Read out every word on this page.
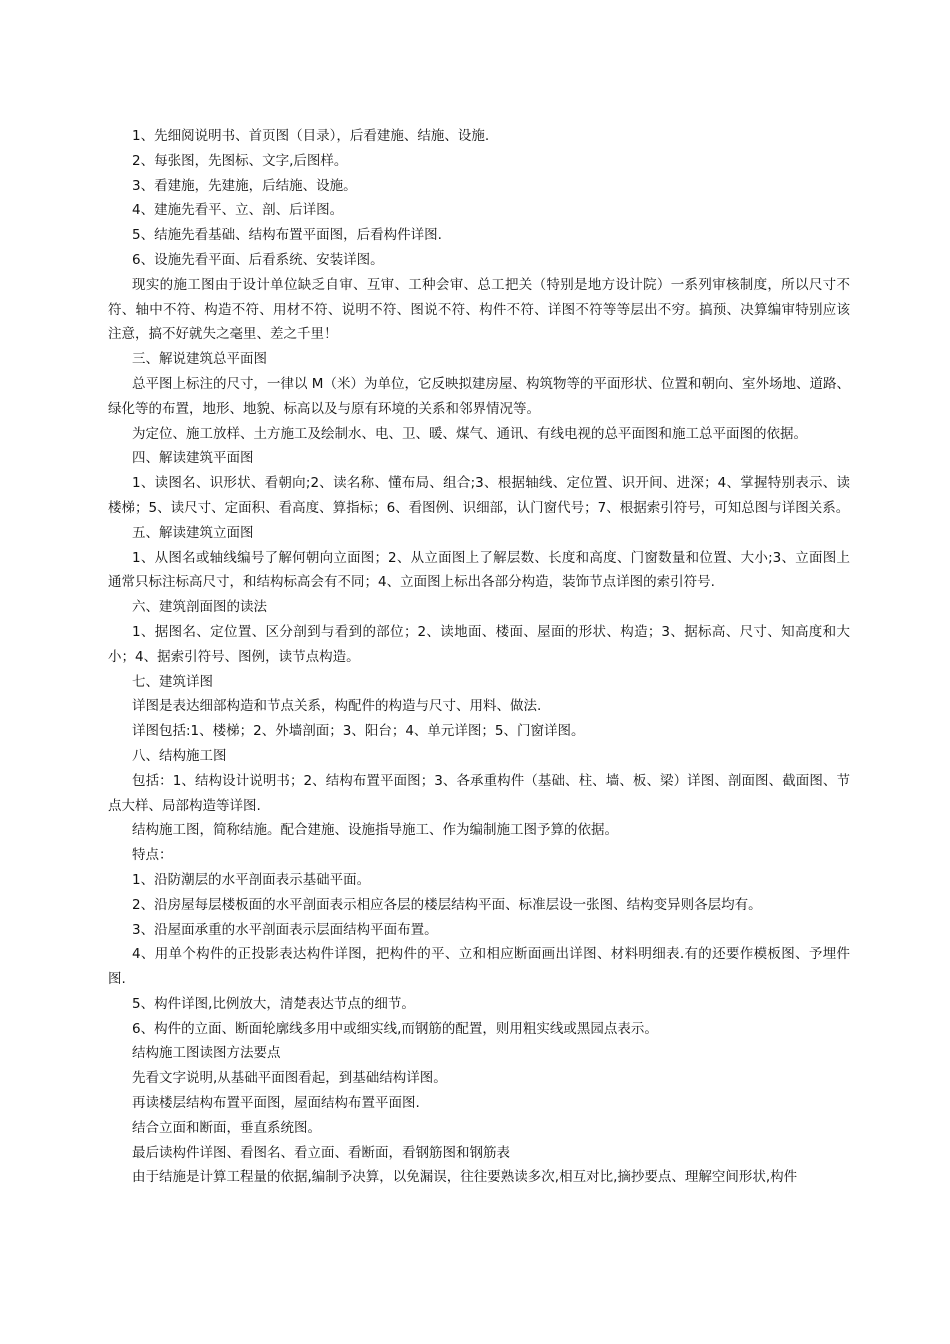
1、先细阅说明书、首页图（目录），后看建施、结施、设施.

2、每张图，先图标、文字,后图样。

3、看建施，先建施，后结施、设施。

4、建施先看平、立、剖、后详图。

5、结施先看基础、结构布置平面图，后看构件详图.

6、设施先看平面、后看系统、安装详图。

现实的施工图由于设计单位缺乏自审、互审、工种会审、总工把关（特别是地方设计院）一系列审核制度，所以尺寸不符、轴中不符、构造不符、用材不符、说明不符、图说不符、构件不符、详图不符等等层出不穷。搞预、决算编审特别应该注意，搞不好就失之毫里、差之千里！

三、解说建筑总平面图

总平图上标注的尺寸，一律以 M（米）为单位，它反映拟建房屋、构筑物等的平面形状、位置和朝向、室外场地、道路、绿化等的布置，地形、地貌、标高以及与原有环境的关系和邻界情况等。

为定位、施工放样、土方施工及绘制水、电、卫、暖、煤气、通讯、有线电视的总平面图和施工总平面图的依据。

四、解读建筑平面图

1、读图名、识形状、看朝向;2、读名称、懂布局、组合;3、根据轴线、定位置、识开间、进深；4、掌握特别表示、读楼梯；5、读尺寸、定面积、看高度、算指标；6、看图例、识细部，认门窗代号；7、根据索引符号，可知总图与详图关系。

五、解读建筑立面图

1、从图名或轴线编号了解何朝向立面图；2、从立面图上了解层数、长度和高度、门窗数量和位置、大小;3、立面图上通常只标注标高尺寸，和结构标高会有不同；4、立面图上标出各部分构造，装饰节点详图的索引符号.

六、建筑剖面图的读法

1、据图名、定位置、区分剖到与看到的部位；2、读地面、楼面、屋面的形状、构造；3、据标高、尺寸、知高度和大小；4、据索引符号、图例，读节点构造。

七、建筑详图

详图是表达细部构造和节点关系，构配件的构造与尺寸、用料、做法.

详图包括:1、楼梯；2、外墙剖面；3、阳台；4、单元详图；5、门窗详图。

八、结构施工图

包括：1、结构设计说明书；2、结构布置平面图；3、各承重构件（基础、柱、墙、板、梁）详图、剖面图、截面图、节点大样、局部构造等详图.

结构施工图，简称结施。配合建施、设施指导施工、作为编制施工图予算的依据。

特点：

1、沿防潮层的水平剖面表示基础平面。

2、沿房屋每层楼板面的水平剖面表示相应各层的楼层结构平面、标准层设一张图、结构变异则各层均有。

3、沿屋面承重的水平剖面表示层面结构平面布置。

4、用单个构件的正投影表达构件详图，把构件的平、立和相应断面画出详图、材料明细表.有的还要作模板图、予埋件图.

5、构件详图,比例放大，清楚表达节点的细节。

6、构件的立面、断面轮廓线多用中或细实线,而钢筋的配置，则用粗实线或黑园点表示。

结构施工图读图方法要点

先看文字说明,从基础平面图看起，到基础结构详图。

再读楼层结构布置平面图，屋面结构布置平面图.

结合立面和断面，垂直系统图。

最后读构件详图、看图名、看立面、看断面，看钢筋图和钢筋表

由于结施是计算工程量的依据,编制予决算，以免漏误，往往要熟读多次,相互对比,摘抄要点、理解空间形状,构件
